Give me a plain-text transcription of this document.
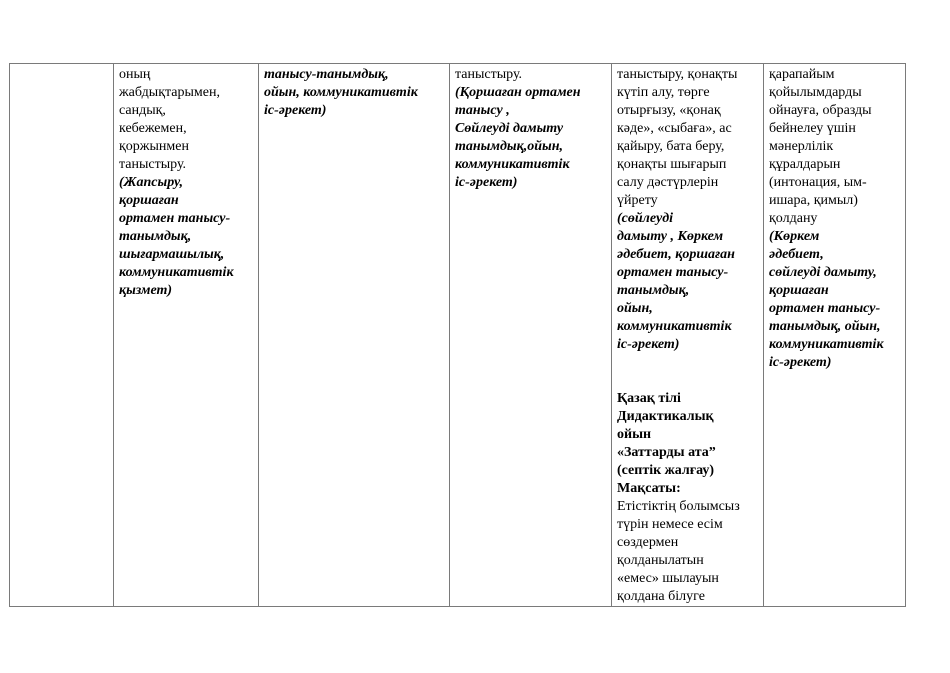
оның
жабдықтарымен,
сандық,
кебежемен,
қоржынмен
таныстыру.
(Жапсыру,
қоршаған
ортамен танысу-
танымдық,
шығармашылық,
коммуникативтік
қызмет)

танысу-танымдық,
ойын, коммуникативтік
іс-әрекет)

таныстыру.
(Қоршаған ортамен
танысу ,
Сөйлеуді дамыту
танымдық,ойын,
коммуникативтік
іс-әрекет)

таныстыру, қонақты
күтіп алу, төрге
отырғызу, «қонақ
кәде», «сыбаға», ас
қайыру, бата беру,
қонақты шығарып
салу дәстүрлерін
үйрету
(сөйлеуді
дамыту , Көркем
әдебиет, қоршаған
ортамен танысу-
танымдық,
ойын,
коммуникативтік
іс-әрекет)
Қазақ тілі
Дидактикалық
ойын
«Заттарды ата”
(септік жалғау)
Мақсаты:
Етістіктің болымсыз
түрін немесе есім
сөздермен
қолданылатын
«емес» шылауын
қолдана білуге

қарапайым
қойылымдарды
ойнауға, образды
бейнелеу үшін
мәнерлілік
құралдарын
(интонация, ым-
ишара, қимыл)
қолдану
(Көркем
әдебиет,
сөйлеуді дамыту,
қоршаған
ортамен танысу-
танымдық, ойын,
коммуникативтік
іс-әрекет)
